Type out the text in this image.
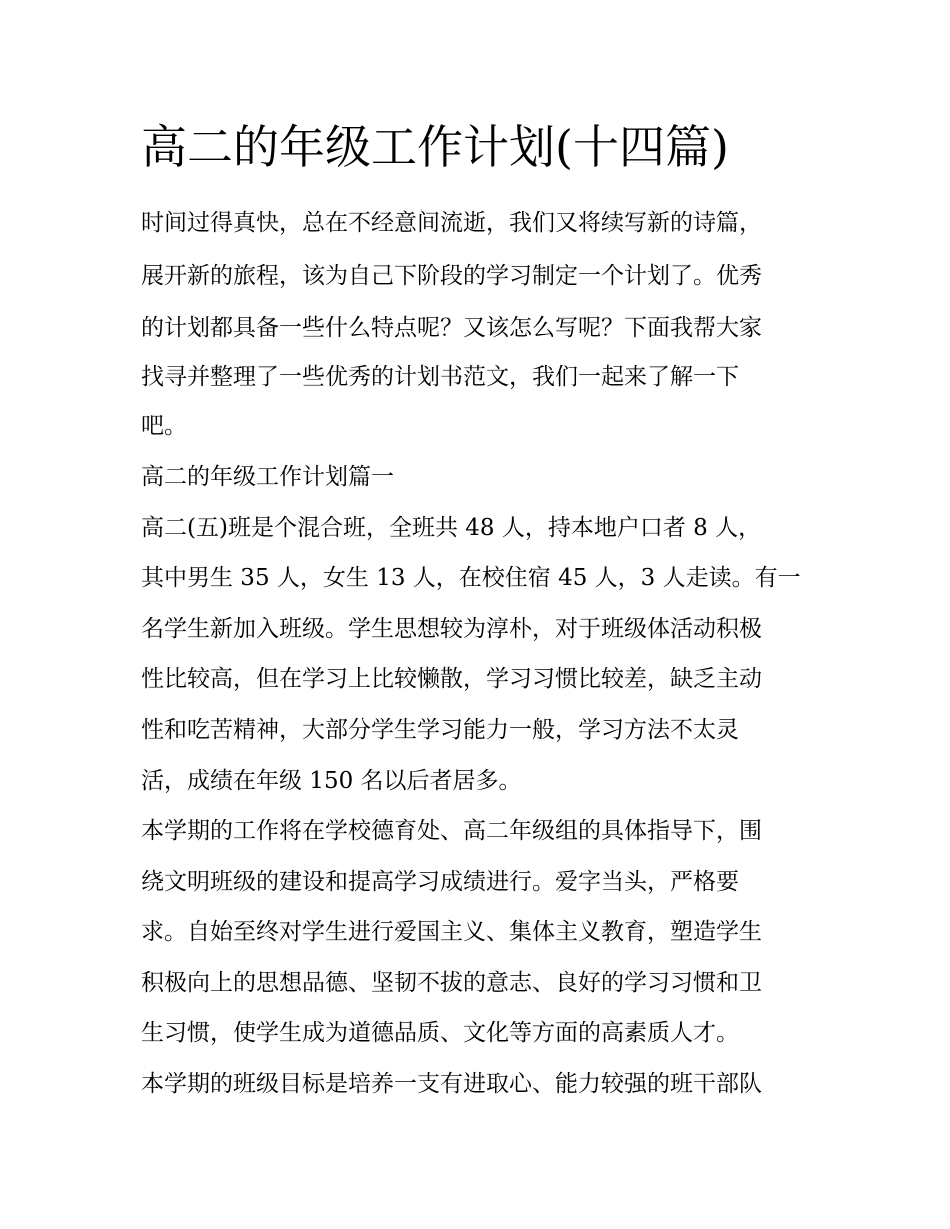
高二的年级工作计划(十四篇)
时间过得真快，总在不经意间流逝，我们又将续写新的诗篇，
展开新的旅程，该为自己下阶段的学习制定一个计划了。优秀
的计划都具备一些什么特点呢？又该怎么写呢？下面我帮大家
找寻并整理了一些优秀的计划书范文，我们一起来了解一下
吧。
高二的年级工作计划篇一
高二(五)班是个混合班，全班共 48 人，持本地户口者 8 人，
其中男生 35 人，女生 13 人，在校住宿 45 人，3 人走读。有一
名学生新加入班级。学生思想较为淳朴，对于班级体活动积极
性比较高，但在学习上比较懒散，学习习惯比较差，缺乏主动
性和吃苦精神，大部分学生学习能力一般，学习方法不太灵
活，成绩在年级 150 名以后者居多。
本学期的工作将在学校德育处、高二年级组的具体指导下，围
绕文明班级的建设和提高学习成绩进行。爱字当头，严格要
求。自始至终对学生进行爱国主义、集体主义教育，塑造学生
积极向上的思想品德、坚韧不拔的意志、良好的学习习惯和卫
生习惯，使学生成为道德品质、文化等方面的高素质人才。
本学期的班级目标是培养一支有进取心、能力较强的班干部队
